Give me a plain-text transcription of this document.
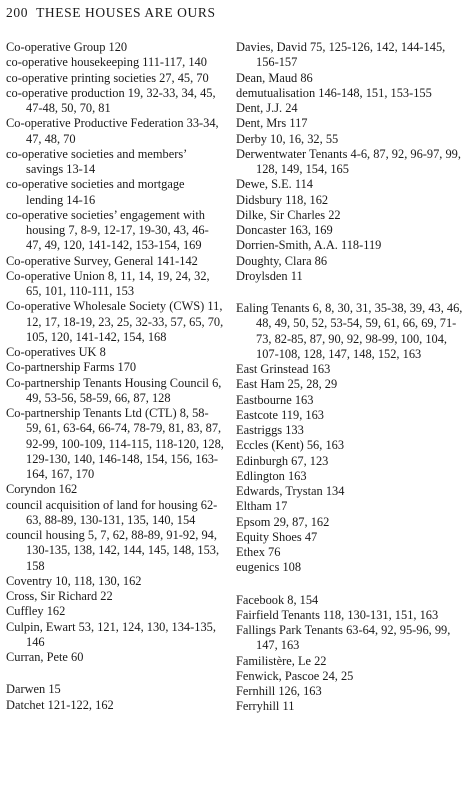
200 THESE HOUSES ARE OURS
Co-operative Group 120
co-operative housekeeping 111-117, 140
co-operative printing societies 27, 45, 70
co-operative production 19, 32-33, 34, 45, 47-48, 50, 70, 81
Co-operative Productive Federation 33-34, 47, 48, 70
co-operative societies and members’ savings 13-14
co-operative societies and mortgage lending 14-16
co-operative societies’ engagement with housing 7, 8-9, 12-17, 19-30, 43, 46-47, 49, 120, 141-142, 153-154, 169
Co-operative Survey, General 141-142
Co-operative Union 8, 11, 14, 19, 24, 32, 65, 101, 110-111, 153
Co-operative Wholesale Society (CWS) 11, 12, 17, 18-19, 23, 25, 32-33, 57, 65, 70, 105, 120, 141-142, 154, 168
Co-operatives UK 8
Co-partnership Farms 170
Co-partnership Tenants Housing Council 6, 49, 53-56, 58-59, 66, 87, 128
Co-partnership Tenants Ltd (CTL) 8, 58-59, 61, 63-64, 66-74, 78-79, 81, 83, 87, 92-99, 100-109, 114-115, 118-120, 128, 129-130, 140, 146-148, 154, 156, 163-164, 167, 170
Coryndon 162
council acquisition of land for housing 62-63, 88-89, 130-131, 135, 140, 154
council housing 5, 7, 62, 88-89, 91-92, 94, 130-135, 138, 142, 144, 145, 148, 153, 158
Coventry 10, 118, 130, 162
Cross, Sir Richard 22
Cuffley 162
Culpin, Ewart 53, 121, 124, 130, 134-135, 146
Curran, Pete 60
Darwen 15
Datchet 121-122, 162
Davies, David 75, 125-126, 142, 144-145, 156-157
Dean, Maud 86
demutualisation 146-148, 151, 153-155
Dent, J.J. 24
Dent, Mrs 117
Derby 10, 16, 32, 55
Derwentwater Tenants 4-6, 87, 92, 96-97, 99, 128, 149, 154, 165
Dewe, S.E. 114
Didsbury 118, 162
Dilke, Sir Charles 22
Doncaster 163, 169
Dorrien-Smith, A.A. 118-119
Doughty, Clara 86
Droylsden 11
Ealing Tenants 6, 8, 30, 31, 35-38, 39, 43, 46, 48, 49, 50, 52, 53-54, 59, 61, 66, 69, 71-73, 82-85, 87, 90, 92, 98-99, 100, 104, 107-108, 128, 147, 148, 152, 163
East Grinstead 163
East Ham 25, 28, 29
Eastbourne 163
Eastcote 119, 163
Eastriggs 133
Eccles (Kent) 56, 163
Edinburgh 67, 123
Edlington 163
Edwards, Trystan 134
Eltham 17
Epsom 29, 87, 162
Equity Shoes 47
Ethex 76
eugenics 108
Facebook 8, 154
Fairfield Tenants 118, 130-131, 151, 163
Fallings Park Tenants 63-64, 92, 95-96, 99, 147, 163
Familistère, Le 22
Fenwick, Pascoe 24, 25
Fernhill 126, 163
Ferryhill 11
